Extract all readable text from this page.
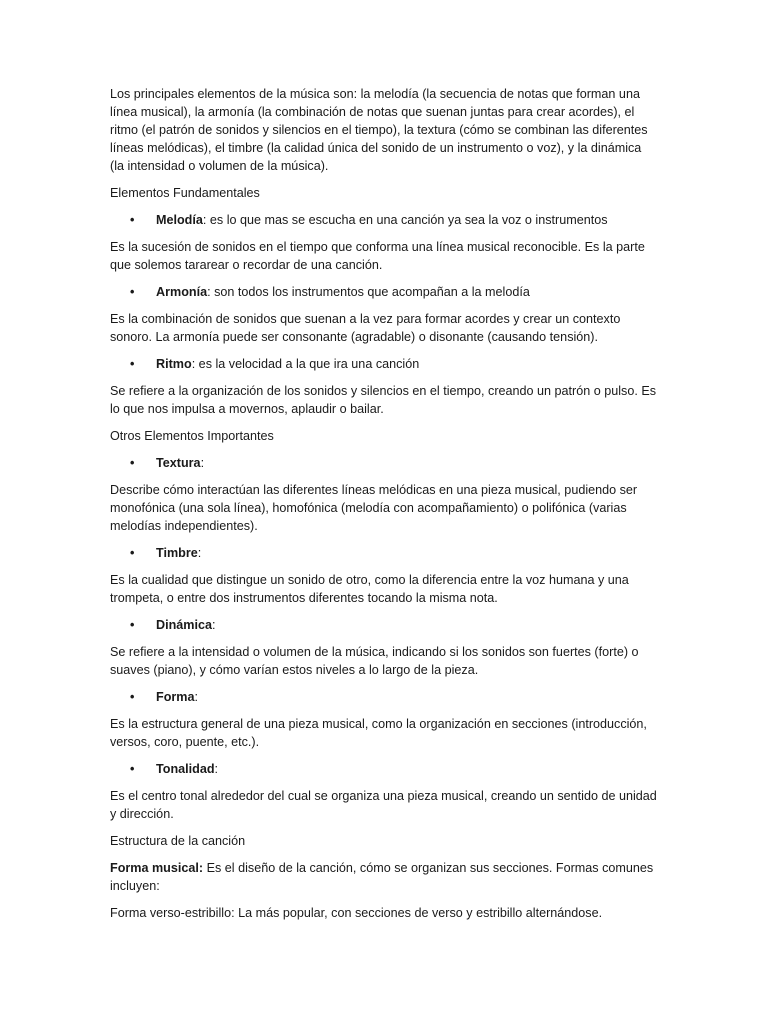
Los principales elementos de la música son: la melodía (la secuencia de notas que forman una línea musical), la armonía (la combinación de notas que suenan juntas para crear acordes), el ritmo (el patrón de sonidos y silencios en el tiempo), la textura (cómo se combinan las diferentes líneas melódicas), el timbre (la calidad única del sonido de un instrumento o voz), y la dinámica (la intensidad o volumen de la música).

Elementos Fundamentales

• Melodía: es lo que mas se escucha en una canción ya sea la voz o instrumentos

Es la sucesión de sonidos en el tiempo que conforma una línea musical reconocible. Es la parte que solemos tararear o recordar de una canción.

• Armonía: son todos los instrumentos que acompañan a la melodía

Es la combinación de sonidos que suenan a la vez para formar acordes y crear un contexto sonoro. La armonía puede ser consonante (agradable) o disonante (causando tensión).

• Ritmo: es la velocidad a la que ira una canción

Se refiere a la organización de los sonidos y silencios en el tiempo, creando un patrón o pulso. Es lo que nos impulsa a movernos, aplaudir o bailar.

Otros Elementos Importantes

• Textura:

Describe cómo interactúan las diferentes líneas melódicas en una pieza musical, pudiendo ser monofónica (una sola línea), homofónica (melodía con acompañamiento) o polifónica (varias melodías independientes).

• Timbre:

Es la cualidad que distingue un sonido de otro, como la diferencia entre la voz humana y una trompeta, o entre dos instrumentos diferentes tocando la misma nota.

• Dinámica:

Se refiere a la intensidad o volumen de la música, indicando si los sonidos son fuertes (forte) o suaves (piano), y cómo varían estos niveles a lo largo de la pieza.

• Forma:

Es la estructura general de una pieza musical, como la organización en secciones (introducción, versos, coro, puente, etc.).

• Tonalidad:

Es el centro tonal alrededor del cual se organiza una pieza musical, creando un sentido de unidad y dirección.

Estructura de la canción

Forma musical: Es el diseño de la canción, cómo se organizan sus secciones. Formas comunes incluyen:

Forma verso-estribillo: La más popular, con secciones de verso y estribillo alternándose.
